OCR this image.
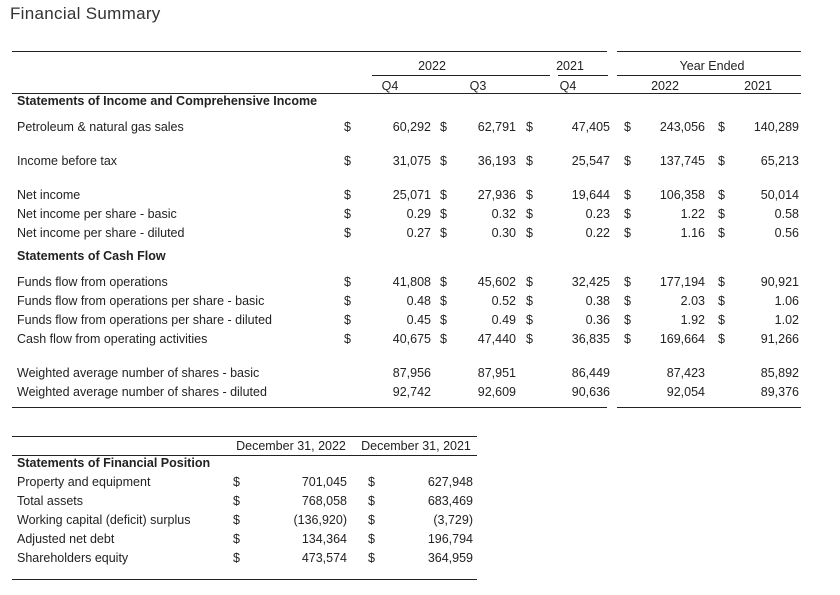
Financial Summary
2022	2021	Year Ended
Q4	Q3	Q4	2022	2021
Statements of Income and Comprehensive Income
Petroleum & natural gas sales	$	60,292 $	62,791 $	47,405 $	243,056 $	140,289
Income before tax	$	31,075 $	36,193 $	25,547 $	137,745 $	65,213
Net income	$	25,071 $	27,936 $	19,644 $	106,358 $	50,014
Net income per share - basic	$	0.29 $	0.32 $	0.23 $	1.22 $	0.58
Net income per share - diluted	$	0.27 $	0.30 $	0.22 $	1.16 $	0.56
Statements of Cash Flow
Funds flow from operations	$	41,808 $	45,602 $	32,425 $	177,194 $	90,921
Funds flow from operations per share - basic	$	0.48 $	0.52 $	0.38 $	2.03 $	1.06
Funds flow from operations per share - diluted	$	0.45 $	0.49 $	0.36 $	1.92 $	1.02
Cash flow from operating activities	$	40,675 $	47,440 $	36,835 $	169,664 $	91,266
Weighted average number of shares - basic	87,956	87,951	86,449	87,423	85,892
Weighted average number of shares - diluted	92,742	92,609	90,636	92,054	89,376
December 31, 2022	December 31, 2021
Statements of Financial Position
Property and equipment	$	701,045 $	627,948
Total assets	$	768,058 $	683,469
Working capital (deficit) surplus	$	(136,920) $	(3,729)
Adjusted net debt	$	134,364 $	196,794
Shareholders equity	$	473,574 $	364,959
